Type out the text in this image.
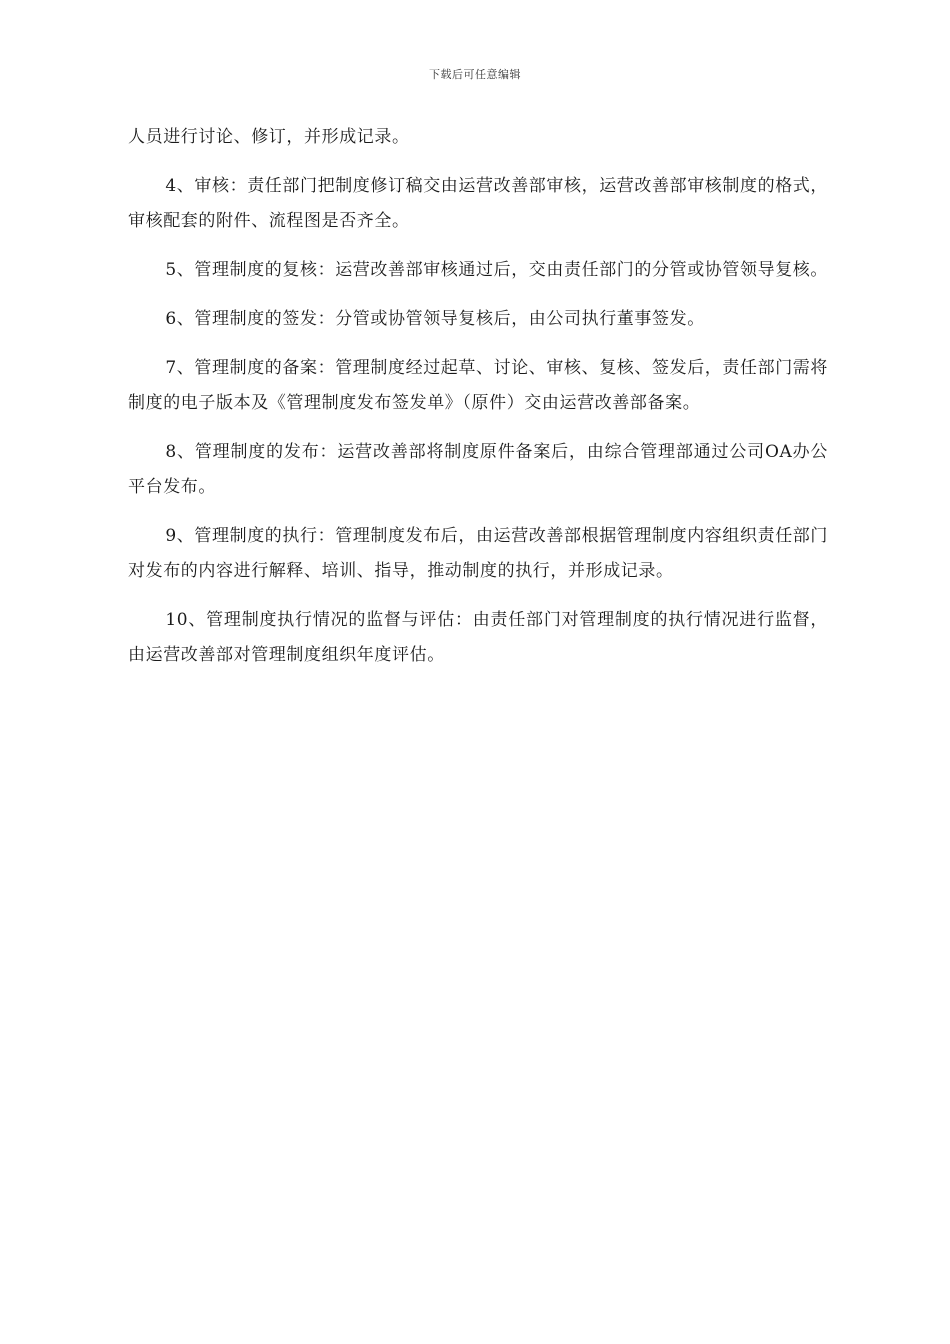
下载后可任意编辑

人员进行讨论、修订，并形成记录。

4、审核：责任部门把制度修订稿交由运营改善部审核，运营改善部审核制度的格式，审核配套的附件、流程图是否齐全。

5、管理制度的复核：运营改善部审核通过后，交由责任部门的分管或协管领导复核。

6、管理制度的签发：分管或协管领导复核后，由公司执行董事签发。

7、管理制度的备案：管理制度经过起草、讨论、审核、复核、签发后，责任部门需将制度的电子版本及《管理制度发布签发单》（原件）交由运营改善部备案。

8、管理制度的发布：运营改善部将制度原件备案后，由综合管理部通过公司OA办公平台发布。

9、管理制度的执行：管理制度发布后，由运营改善部根据管理制度内容组织责任部门对发布的内容进行解释、培训、指导，推动制度的执行，并形成记录。

10、管理制度执行情况的监督与评估：由责任部门对管理制度的执行情况进行监督，由运营改善部对管理制度组织年度评估。
